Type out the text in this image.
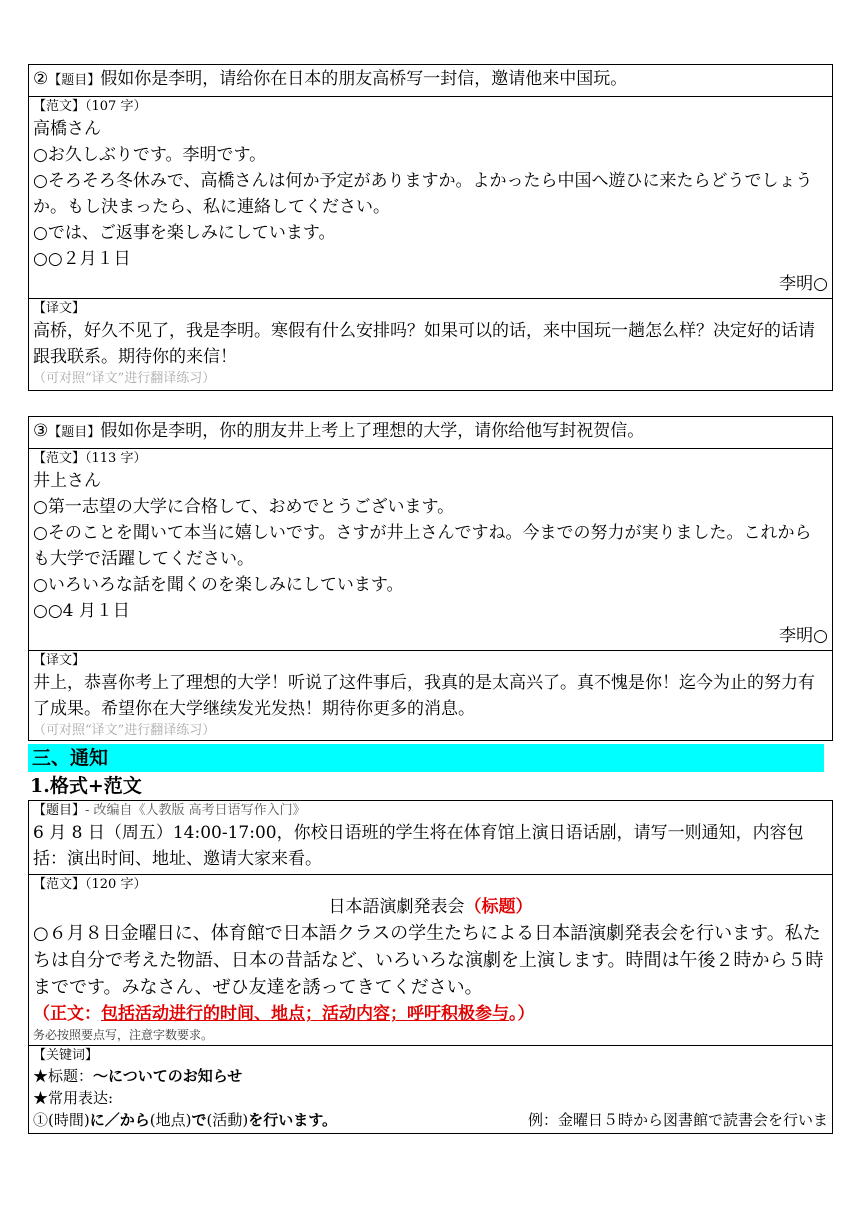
②【题目】假如你是李明，请给你在日本的朋友高桥写一封信，邀请他来中国玩。
【范文】（107 字）
高橋さん
○お久しぶりです。李明です。
○そろそろ冬休みで、高橋さんは何か予定がありますか。よかったら中国へ遊ひに来たらどうでしょうか。もし決まったら、私に連絡してください。
○では、ご返事を楽しみにしています。
○○２月１日
李明○
【译文】
高桥，好久不见了，我是李明。寒假有什么安排吗？如果可以的话，来中国玩一趟怎么样？决定好的话请跟我联系。期待你的来信！
（可对照“译文”进行翻译练习）
③【题目】假如你是李明，你的朋友井上考上了理想的大学，请你给他写封祝贺信。
【范文】（113 字）
井上さん
○第一志望の大学に合格して、おめでとうございます。
○そのことを聞いて本当に嬉しいです。さすが井上さんですね。今までの努力が実りました。これからも大学で活躍してください。
○いろいろな話を聞くのを楽しみにしています。
○○4 月１日
李明○
【译文】
井上，恭喜你考上了理想的大学！听说了这件事后，我真的是太高兴了。真不愧是你！迄今为止的努力有了成果。希望你在大学继续发光发热！期待你更多的消息。
（可对照“译文”进行翻译练习）
三、通知
1.格式+范文
【题目】- 改编自《人教版 高考日语写作入门》
6 月 8 日（周五）14:00-17:00，你校日语班的学生将在体育馆上演日语话剧，请写一则通知，内容包括：演出时间、地址、邀请大家来看。
【范文】（120 字）
日本語演劇発表会（标题）
○６月８日金曜日に、体育館で日本語クラスの学生たちによる日本語演劇発表会を行います。私たちは自分で考えた物語、日本の昔話など、いろいろな演劇を上演します。時間は午後２時から５時までです。みなさん、ぜひ友達を誘ってきてください。
（正文：包括活动进行的时间、地点；活动内容；呼吁积极参与。）
务必按照要点写，注意字数要求。
【关键词】
★标题：～についてのお知らせ
★常用表达:
①(時間)に／から(地点)で(活動)を行います。	例：金曜日５時から図書館で読書会を行いま
